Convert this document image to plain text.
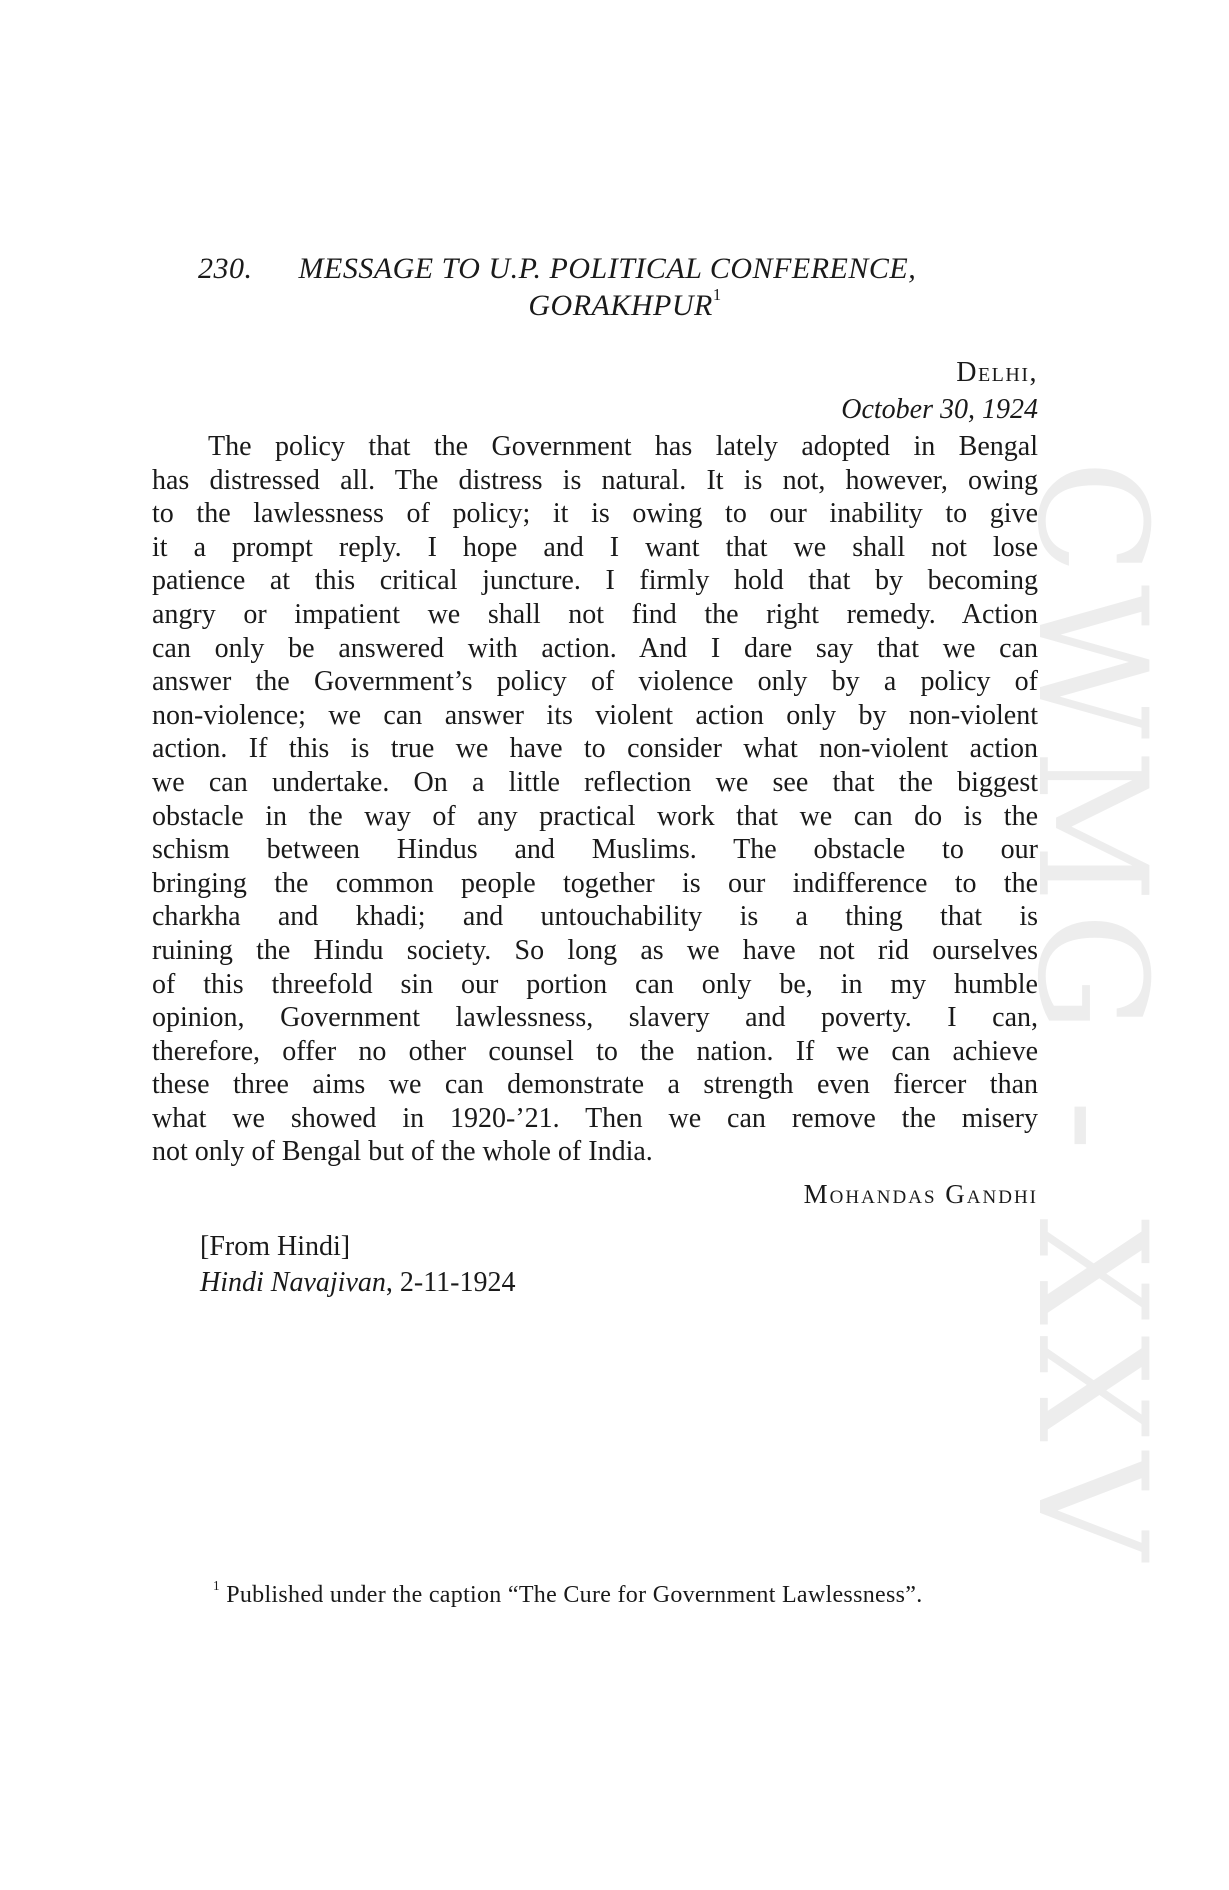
CWMG - XXV
230. MESSAGE TO U.P. POLITICAL CONFERENCE,
GORAKHPUR$^1$
Delhi,
October 30, 1924
The policy that the Government has lately adopted in Bengal
has distressed all. The distress is natural. It is not, however, owing
to the lawlessness of policy; it is owing to our inability to give
it a prompt reply. I hope and I want that we shall not lose
patience at this critical juncture. I firmly hold that by becoming
angry or impatient we shall not find the right remedy. Action
can only be answered with action. And I dare say that we can
answer the Government’s policy of violence only by a policy of
non-violence; we can answer its violent action only by non-violent
action. If this is true we have to consider what non-violent action
we can undertake. On a little reflection we see that the biggest
obstacle in the way of any practical work that we can do is the
schism between Hindus and Muslims. The obstacle to our
bringing the common people together is our indifference to the
charkha and khadi; and untouchability is a thing that is
ruining the Hindu society. So long as we have not rid ourselves
of this threefold sin our portion can only be, in my humble
opinion, Government lawlessness, slavery and poverty. I can,
therefore, offer no other counsel to the nation. If we can achieve
these three aims we can demonstrate a strength even fiercer than
what we showed in 1920-’21. Then we can remove the misery
not only of Bengal but of the whole of India.
Mohandas Gandhi
[From Hindi]
Hindi Navajivan, 2-11-1924
$^1$ Published under the caption “The Cure for Government Lawlessness”.
